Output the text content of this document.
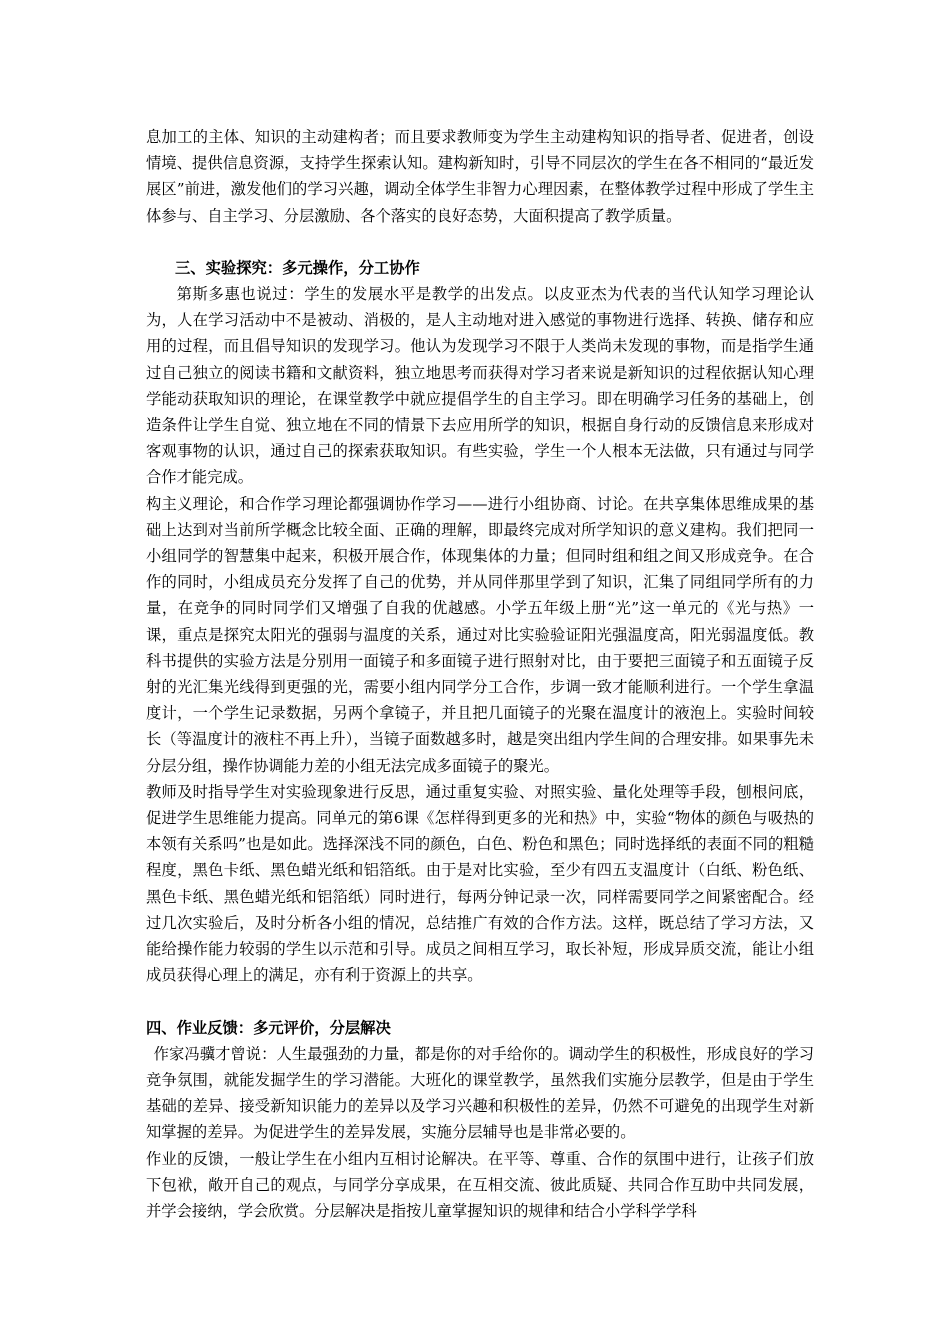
息加工的主体、知识的主动建构者；而且要求教师变为学生主动建构知识的指导者、促进者，创设情境、提供信息资源，支持学生探索认知。建构新知时，引导不同层次的学生在各不相同的“最近发展区”前进，激发他们的学习兴趣，调动全体学生非智力心理因素，在整体教学过程中形成了学生主体参与、自主学习、分层激励、各个落实的良好态势，大面积提高了教学质量。

三、实验探究：多元操作，分工协作

第斯多惠也说过：学生的发展水平是教学的出发点。以皮亚杰为代表的当代认知学习理论认为，人在学习活动中不是被动、消极的，是人主动地对进入感觉的事物进行选择、转换、储存和应用的过程，而且倡导知识的发现学习。他认为发现学习不限于人类尚未发现的事物，而是指学生通过自己独立的阅读书籍和文献资料，独立地思考而获得对学习者来说是新知识的过程依据认知心理学能动获取知识的理论，在课堂教学中就应提倡学生的自主学习。即在明确学习任务的基础上，创造条件让学生自觉、独立地在不同的情景下去应用所学的知识，根据自身行动的反馈信息来形成对客观事物的认识，通过自己的探索获取知识。有些实验，学生一个人根本无法做，只有通过与同学合作才能完成。

构主义理论，和合作学习理论都强调协作学习——进行小组协商、讨论。在共享集体思维成果的基础上达到对当前所学概念比较全面、正确的理解，即最终完成对所学知识的意义建构。我们把同一小组同学的智慧集中起来，积极开展合作，体现集体的力量；但同时组和组之间又形成竞争。在合作的同时，小组成员充分发挥了自己的优势，并从同伴那里学到了知识，汇集了同组同学所有的力量，在竞争的同时同学们又增强了自我的优越感。小学五年级上册“光”这一单元的《光与热》一课，重点是探究太阳光的强弱与温度的关系，通过对比实验验证阳光强温度高，阳光弱温度低。教科书提供的实验方法是分别用一面镜子和多面镜子进行照射对比，由于要把三面镜子和五面镜子反射的光汇集光线得到更强的光，需要小组内同学分工合作，步调一致才能顺利进行。一个学生拿温度计，一个学生记录数据，另两个拿镜子，并且把几面镜子的光聚在温度计的液泡上。实验时间较长（等温度计的液柱不再上升），当镜子面数越多时，越是突出组内学生间的合理安排。如果事先未分层分组，操作协调能力差的小组无法完成多面镜子的聚光。

教师及时指导学生对实验现象进行反思，通过重复实验、对照实验、量化处理等手段，刨根问底，促进学生思维能力提高。同单元的第6课《怎样得到更多的光和热》中，实验“物体的颜色与吸热的本领有关系吗”也是如此。选择深浅不同的颜色，白色、粉色和黑色；同时选择纸的表面不同的粗糙程度，黑色卡纸、黑色蜡光纸和铝箔纸。由于是对比实验，至少有四五支温度计（白纸、粉色纸、黑色卡纸、黑色蜡光纸和铝箔纸）同时进行，每两分钟记录一次，同样需要同学之间紧密配合。经过几次实验后，及时分析各小组的情况，总结推广有效的合作方法。这样，既总结了学习方法，又能给操作能力较弱的学生以示范和引导。成员之间相互学习，取长补短，形成异质交流，能让小组成员获得心理上的满足，亦有利于资源上的共享。

四、作业反馈：多元评价，分层解决

作家冯骥才曾说：人生最强劲的力量，都是你的对手给你的。调动学生的积极性，形成良好的学习竞争氛围，就能发掘学生的学习潜能。大班化的课堂教学，虽然我们实施分层教学，但是由于学生基础的差异、接受新知识能力的差异以及学习兴趣和积极性的差异，仍然不可避免的出现学生对新知掌握的差异。为促进学生的差异发展，实施分层辅导也是非常必要的。

作业的反馈，一般让学生在小组内互相讨论解决。在平等、尊重、合作的氛围中进行，让孩子们放下包袱，敞开自己的观点，与同学分享成果，在互相交流、彼此质疑、共同合作互助中共同发展，并学会接纳，学会欣赏。分层解决是指按儿童掌握知识的规律和结合小学科学学科
